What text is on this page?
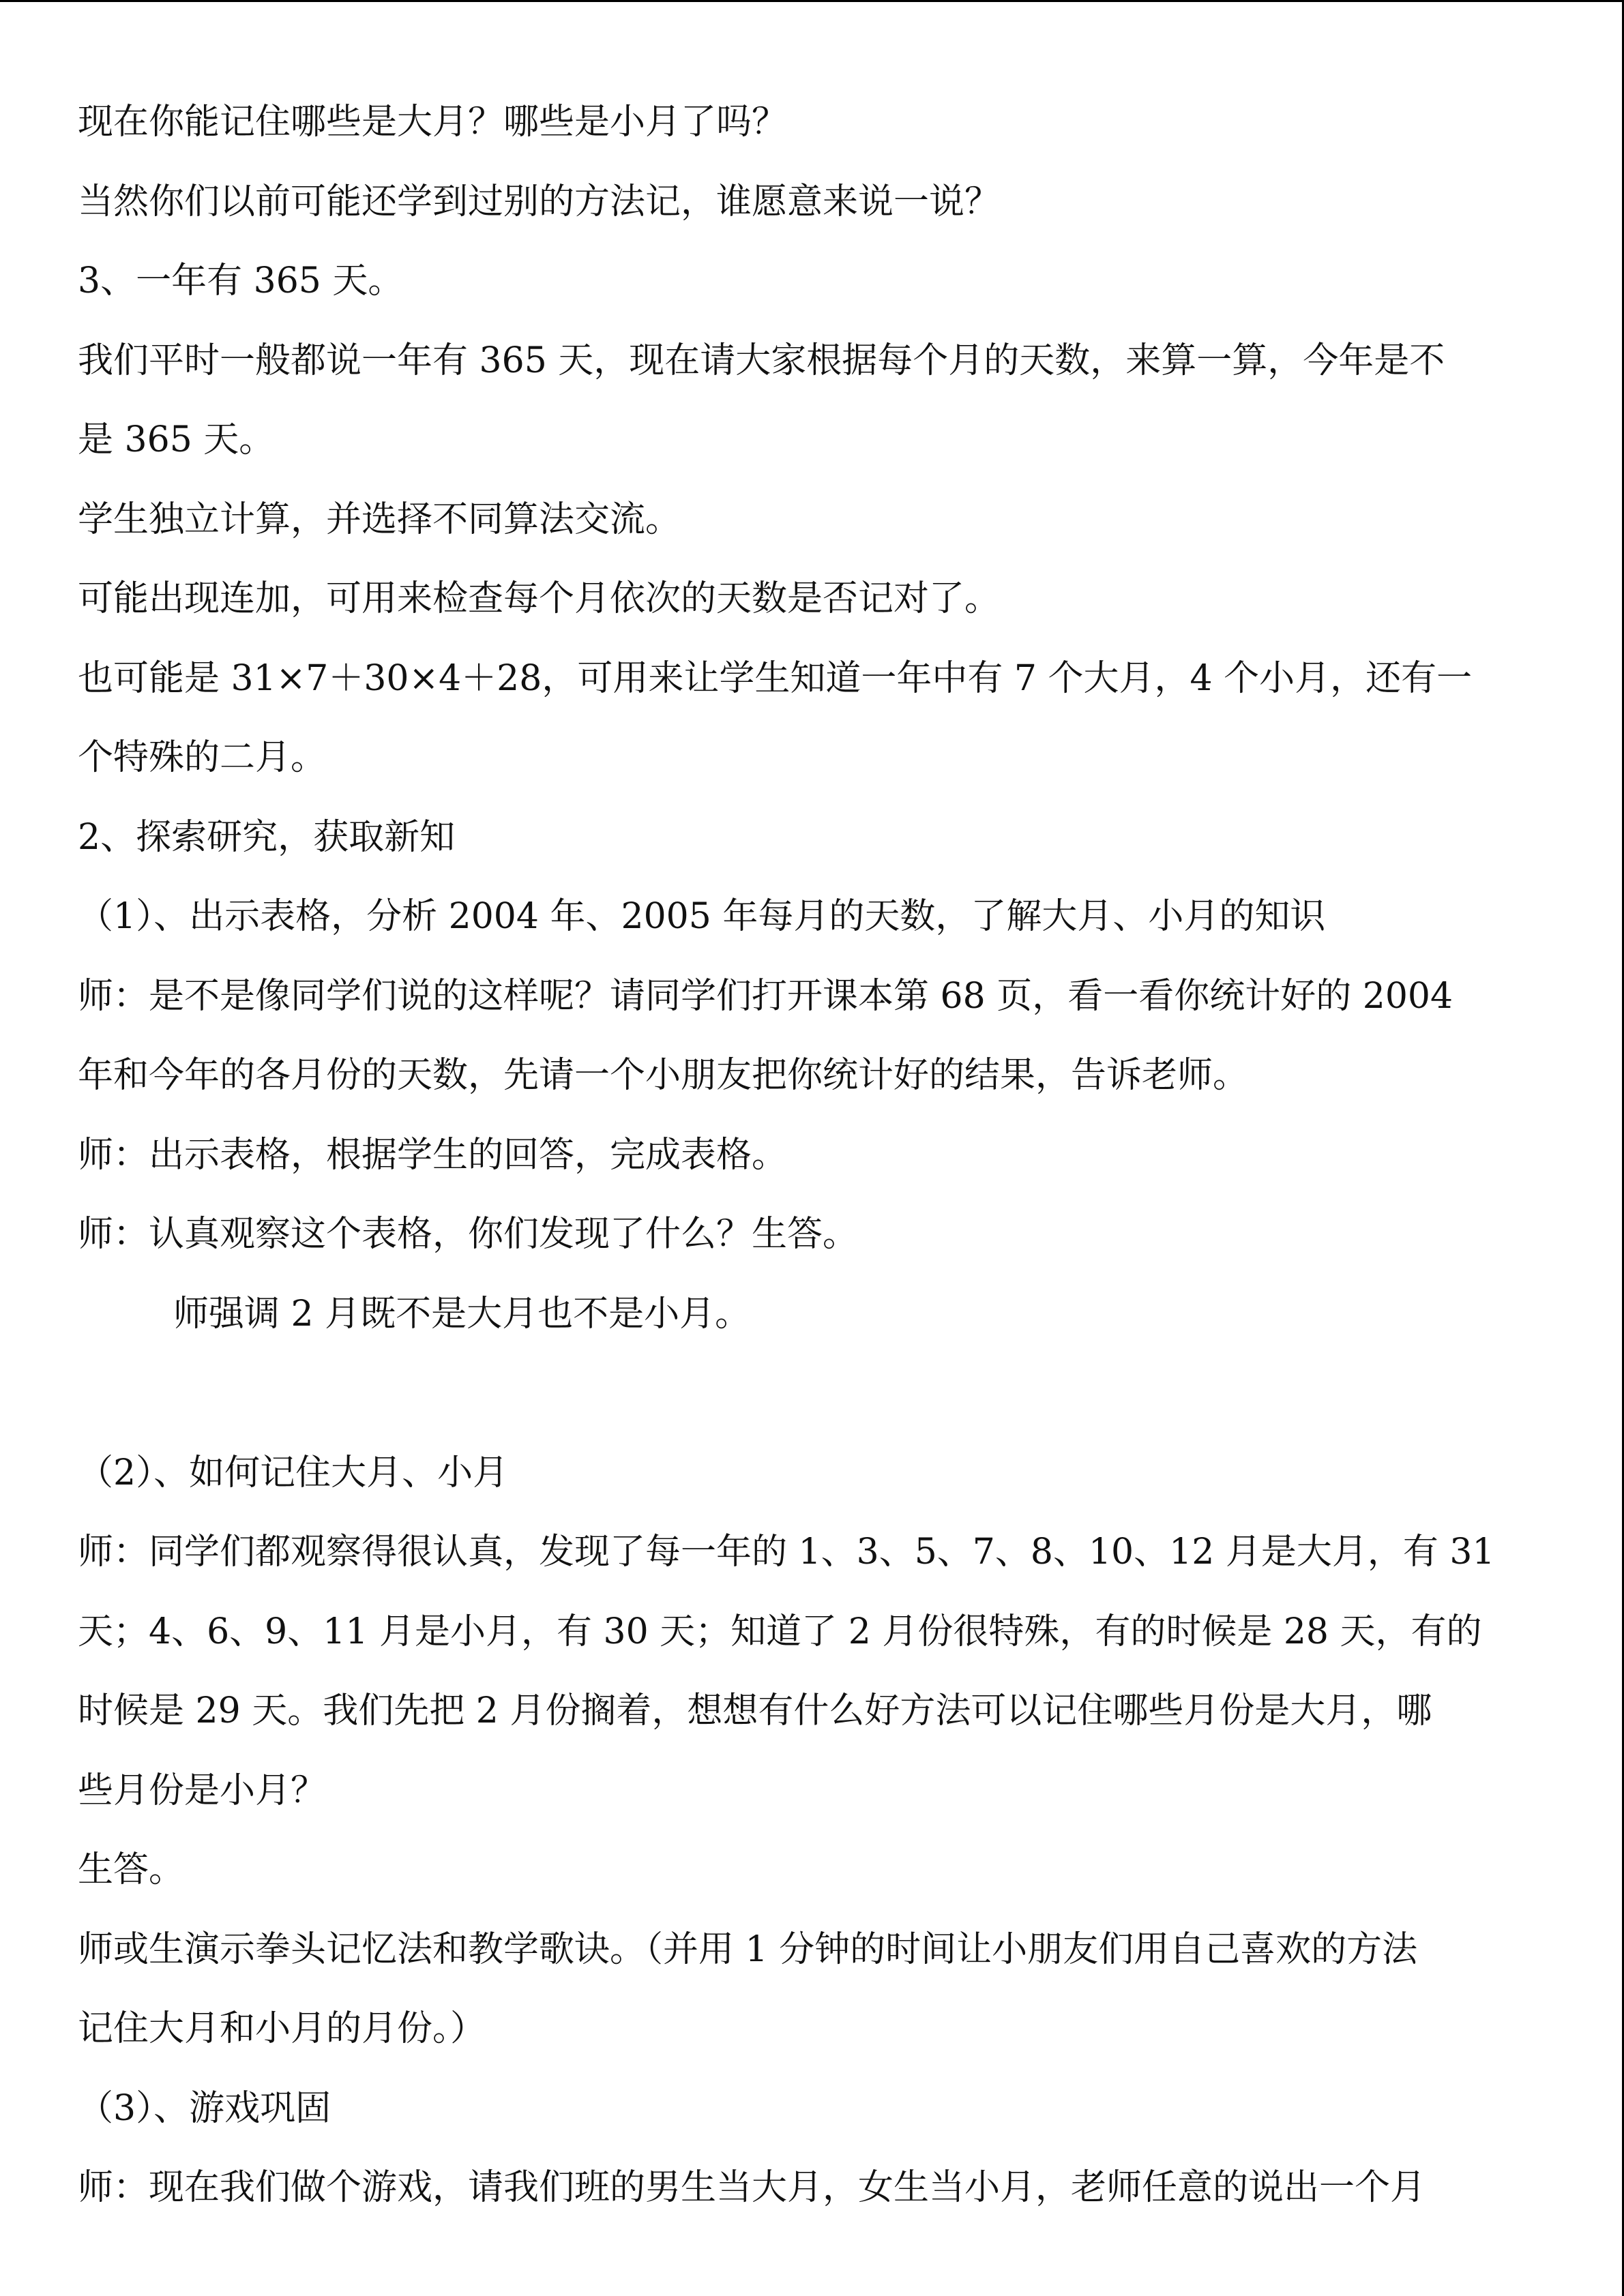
现在你能记住哪些是大月？哪些是小月了吗？
当然你们以前可能还学到过别的方法记，谁愿意来说一说？
3、一年有 365 天。
我们平时一般都说一年有 365 天，现在请大家根据每个月的天数，来算一算，今年是不
是 365 天。
学生独立计算，并选择不同算法交流。
可能出现连加，可用来检查每个月依次的天数是否记对了。
也可能是 31×7＋30×4＋28，可用来让学生知道一年中有 7 个大月，4 个小月，还有一
个特殊的二月。
2、探索研究，获取新知
（1）、出示表格，分析 2004 年、2005 年每月的天数，了解大月、小月的知识
师：是不是像同学们说的这样呢？请同学们打开课本第 68 页，看一看你统计好的 2004
年和今年的各月份的天数，先请一个小朋友把你统计好的结果，告诉老师。
师：出示表格，根据学生的回答，完成表格。
师：认真观察这个表格，你们发现了什么？生答。
师强调 2 月既不是大月也不是小月。
（2）、如何记住大月、小月
师：同学们都观察得很认真，发现了每一年的 1、3、5、7、8、10、12 月是大月，有 31
天；4、6、9、11 月是小月，有 30 天；知道了 2 月份很特殊，有的时候是 28 天，有的
时候是 29 天。我们先把 2 月份搁着，想想有什么好方法可以记住哪些月份是大月，哪
些月份是小月？
生答。
师或生演示拳头记忆法和教学歌诀。（并用 1 分钟的时间让小朋友们用自己喜欢的方法
记住大月和小月的月份。）
（3）、游戏巩固
师：现在我们做个游戏，请我们班的男生当大月，女生当小月，老师任意的说出一个月
